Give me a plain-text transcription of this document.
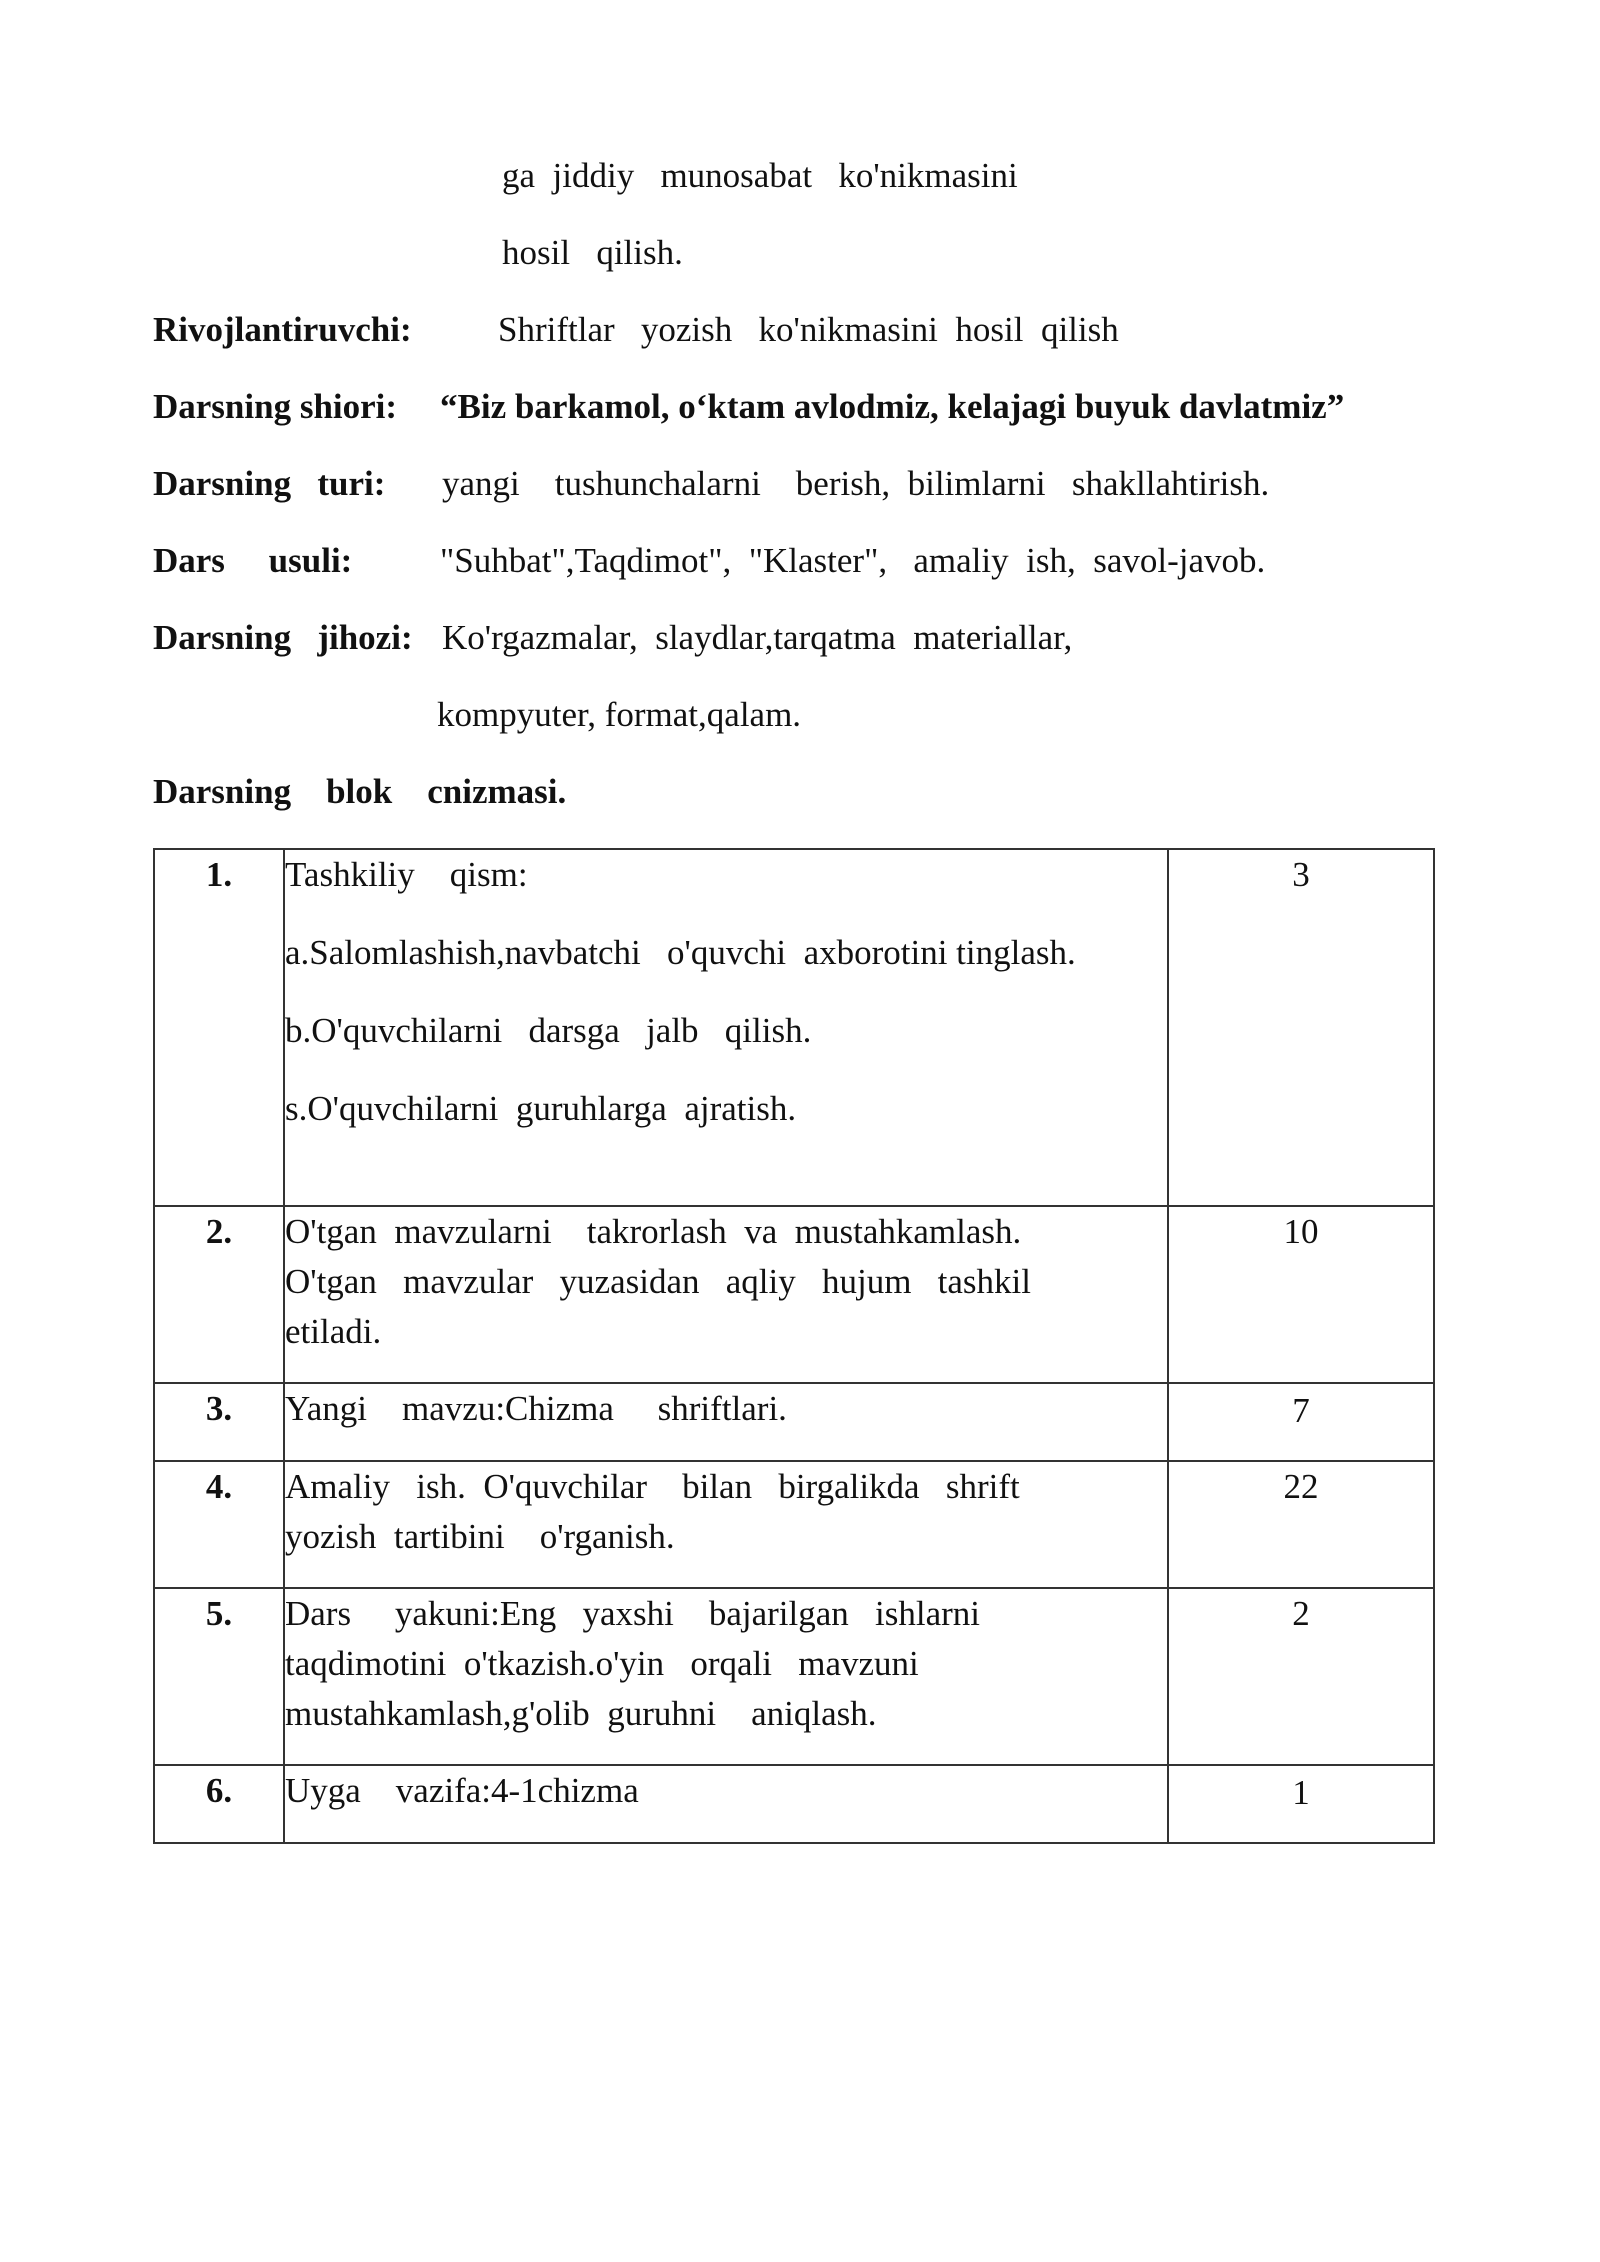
ga  jiddiy   munosabat   ko'nikmasini
hosil   qilish.
Rivojlantiruvchi: Shriftlar   yozish   ko'nikmasini  hosil  qilish
Darsning shiori: “Biz barkamol, o‘ktam avlodmiz, kelajagi buyuk davlatmiz”
Darsning   turi: yangi    tushunchalarni    berish,  bilimlarni   shakllahtirish.
Dars     usuli:	"Suhbat",Taqdimot",  "Klaster",   amaliy  ish,  savol-javob.
Darsning   jihozi: Ko'rgazmalar,  slaydlar,tarqatma  materiallar,
kompyuter, format,qalam.
Darsning    blok    cnizmasi.
1.	Tashkiliy    qism:
a.Salomlashish,navbatchi   o'quvchi  axborotini tinglash.
b.O'quvchilarni   darsga   jalb   qilish.
s.O'quvchilarni  guruhlarga  ajratish.	3
2.	O'tgan  mavzularni    takrorlash  va  mustahkamlash.
O'tgan   mavzular   yuzasidan   aqliy   hujum   tashkil
etiladi.	10
3.	Yangi    mavzu:Chizma     shriftlari.	7
4.	Amaliy   ish.  O'quvchilar    bilan   birgalikda   shrift
yozish  tartibini    o'rganish.	22
5.	Dars     yakuni:Eng   yaxshi    bajarilgan   ishlarni
taqdimotini  o'tkazish.o'yin   orqali   mavzuni
mustahkamlash,g'olib  guruhni    aniqlash.	2
6.	Uyga    vazifa:4-1chizma	1
